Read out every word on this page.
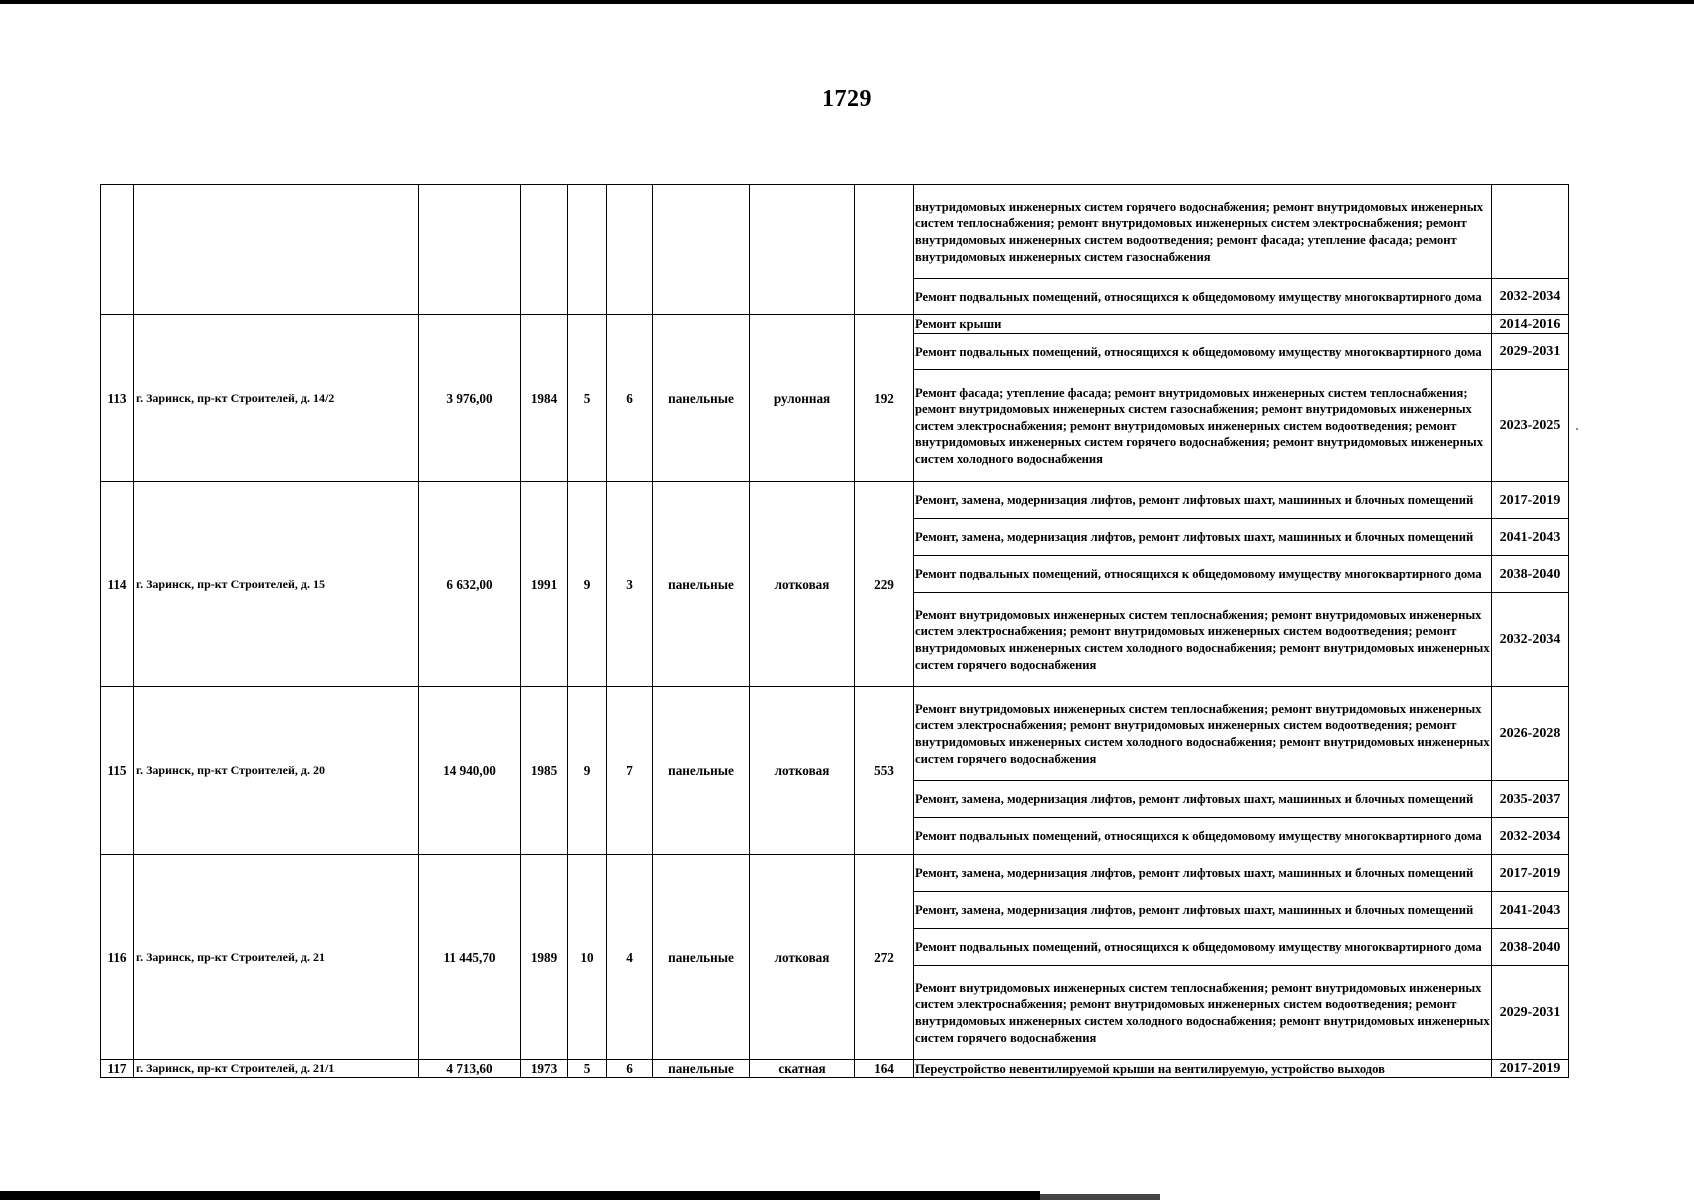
1729
									внутридомовых инженерных систем горячего водоснабжения; ремонт внутридомовых инженерных систем теплоснабжения; ремонт внутридомовых инженерных систем электроснабжения; ремонт внутридомовых инженерных систем водоотведения; ремонт фасада; утепление фасада; ремонт внутридомовых инженерных систем газоснабжения	
									Ремонт подвальных помещений, относящихся к общедомовому имуществу многоквартирного дома	2032-2034
113	г. Заринск, пр-кт Строителей, д. 14/2	3 976,00	1984	5	6	панельные	рулонная	192	Ремонт крыши	2014-2016
									Ремонт подвальных помещений, относящихся к общедомовому имуществу многоквартирного дома	2029-2031
									Ремонт фасада; утепление фасада; ремонт внутридомовых инженерных систем теплоснабжения; ремонт внутридомовых инженерных систем газоснабжения; ремонт внутридомовых инженерных систем электроснабжения; ремонт внутридомовых инженерных систем водоотведения; ремонт внутридомовых инженерных систем горячего водоснабжения; ремонт внутридомовых инженерных систем холодного водоснабжения	2023-2025
114	г. Заринск, пр-кт Строителей, д. 15	6 632,00	1991	9	3	панельные	лотковая	229	Ремонт, замена, модернизация лифтов, ремонт лифтовых шахт, машинных и блочных помещений	2017-2019
									Ремонт, замена, модернизация лифтов, ремонт лифтовых шахт, машинных и блочных помещений	2041-2043
									Ремонт подвальных помещений, относящихся к общедомовому имуществу многоквартирного дома	2038-2040
									Ремонт внутридомовых инженерных систем теплоснабжения; ремонт внутридомовых инженерных систем электроснабжения; ремонт внутридомовых инженерных систем водоотведения; ремонт внутридомовых инженерных систем холодного водоснабжения; ремонт внутридомовых инженерных систем горячего водоснабжения	2032-2034
115	г. Заринск, пр-кт Строителей, д. 20	14 940,00	1985	9	7	панельные	лотковая	553	Ремонт внутридомовых инженерных систем теплоснабжения; ремонт внутридомовых инженерных систем электроснабжения; ремонт внутридомовых инженерных систем водоотведения; ремонт внутридомовых инженерных систем холодного водоснабжения; ремонт внутридомовых инженерных систем горячего водоснабжения	2026-2028
									Ремонт, замена, модернизация лифтов, ремонт лифтовых шахт, машинных и блочных помещений	2035-2037
									Ремонт подвальных помещений, относящихся к общедомовому имуществу многоквартирного дома	2032-2034
116	г. Заринск, пр-кт Строителей, д. 21	11 445,70	1989	10	4	панельные	лотковая	272	Ремонт, замена, модернизация лифтов, ремонт лифтовых шахт, машинных и блочных помещений	2017-2019
									Ремонт, замена, модернизация лифтов, ремонт лифтовых шахт, машинных и блочных помещений	2041-2043
									Ремонт подвальных помещений, относящихся к общедомовому имуществу многоквартирного дома	2038-2040
									Ремонт внутридомовых инженерных систем теплоснабжения; ремонт внутридомовых инженерных систем электроснабжения; ремонт внутридомовых инженерных систем водоотведения; ремонт внутридомовых инженерных систем холодного водоснабжения; ремонт внутридомовых инженерных систем горячего водоснабжения	2029-2031
117	г. Заринск, пр-кт Строителей, д. 21/1	4 713,60	1973	5	6	панельные	скатная	164	Переустройство невентилируемой крыши на вентилируемую, устройство выходов	2017-2019
